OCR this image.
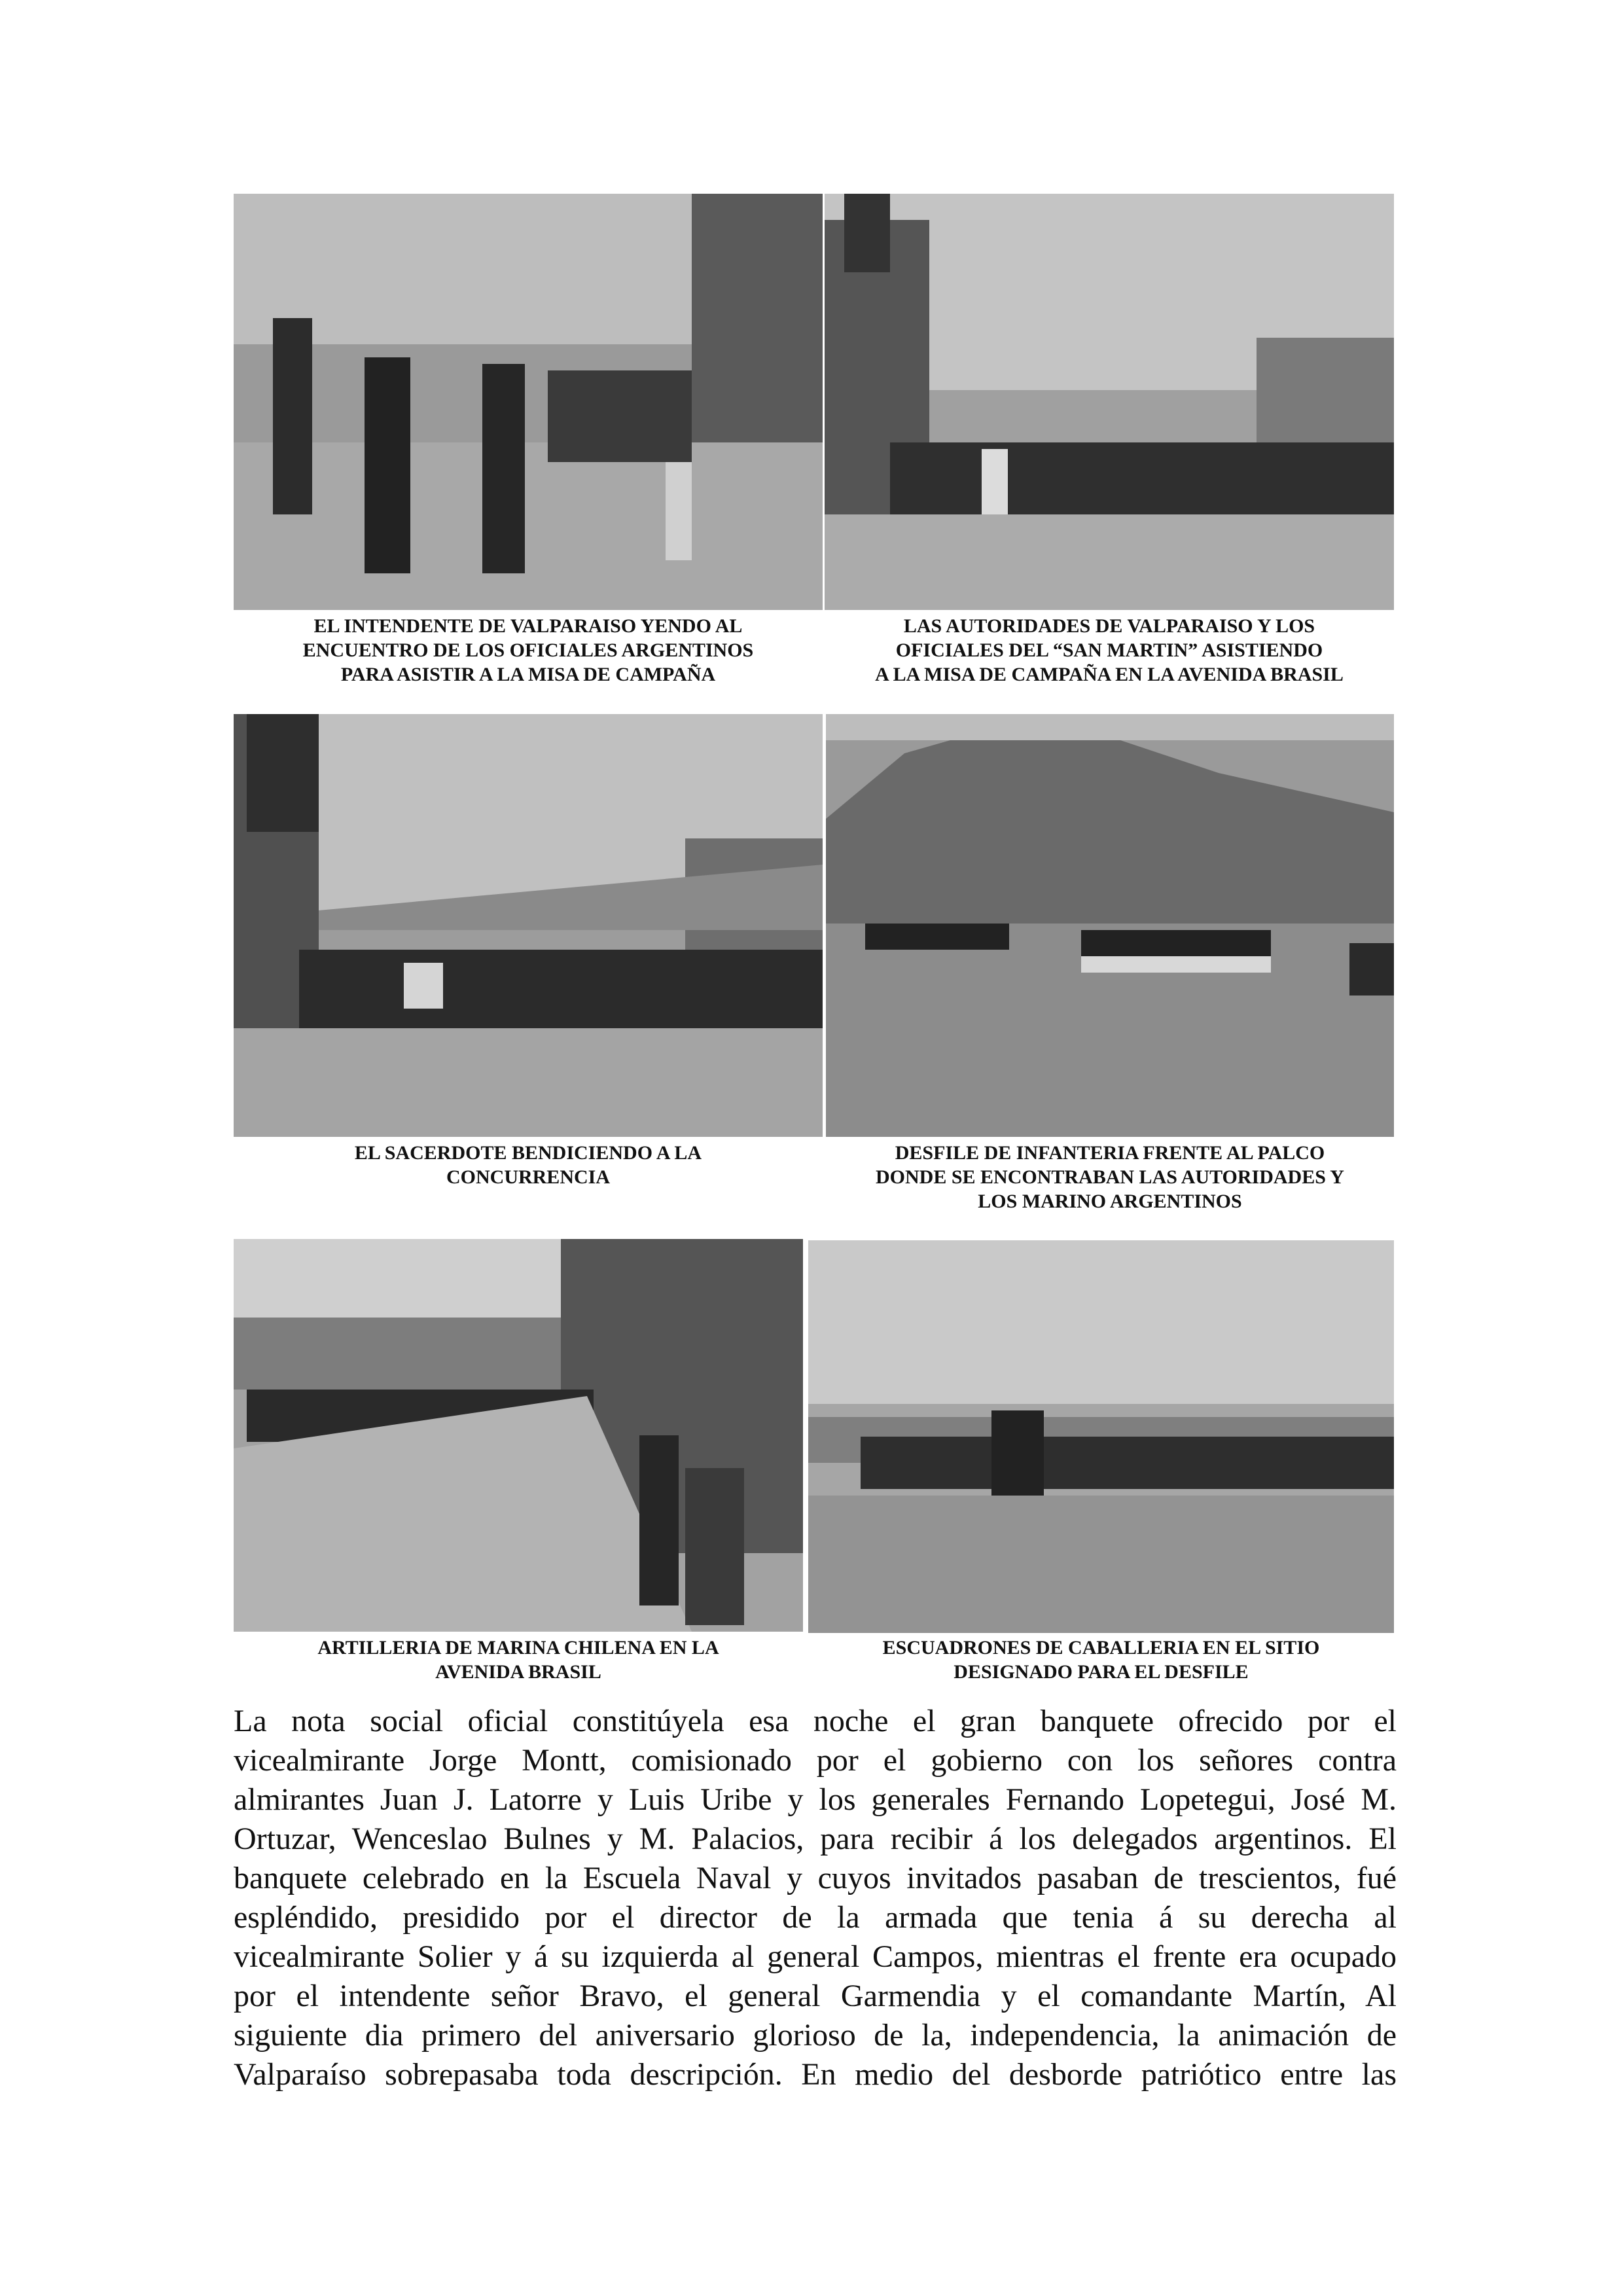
EL INTENDENTE DE VALPARAISO YENDO AL
ENCUENTRO DE LOS OFICIALES ARGENTINOS
PARA ASISTIR A LA MISA DE CAMPAÑA
LAS AUTORIDADES DE VALPARAISO Y LOS
OFICIALES DEL “SAN MARTIN” ASISTIENDO
A LA MISA DE CAMPAÑA EN LA AVENIDA BRASIL
EL SACERDOTE BENDICIENDO A LA
CONCURRENCIA
DESFILE DE INFANTERIA FRENTE AL PALCO
DONDE SE ENCONTRABAN LAS AUTORIDADES Y
LOS MARINO ARGENTINOS
ARTILLERIA DE MARINA CHILENA EN LA
AVENIDA BRASIL
ESCUADRONES DE CABALLERIA EN EL SITIO
DESIGNADO PARA EL DESFILE
La nota social oficial constitúyela esa noche el gran banquete ofrecido por el
vicealmirante Jorge Montt, comisionado por el gobierno con los señores contra
almirantes Juan J. Latorre y Luis Uribe y los generales Fernando Lopetegui, José M.
Ortuzar, Wenceslao Bulnes y M. Palacios, para recibir á los delegados argentinos. El
banquete celebrado en la Escuela Naval y cuyos invitados pasaban de trescientos, fué
espléndido, presidido por el director de la armada que tenia á su derecha al
vicealmirante Solier y á su izquierda al general Campos, mientras el frente era ocupado
por el intendente señor Bravo, el general Garmendia y el comandante Martín, Al
siguiente dia primero del aniversario glorioso de la, independencia, la animación de
Valparaíso sobrepasaba toda descripción. En medio del desborde patriótico entre las
